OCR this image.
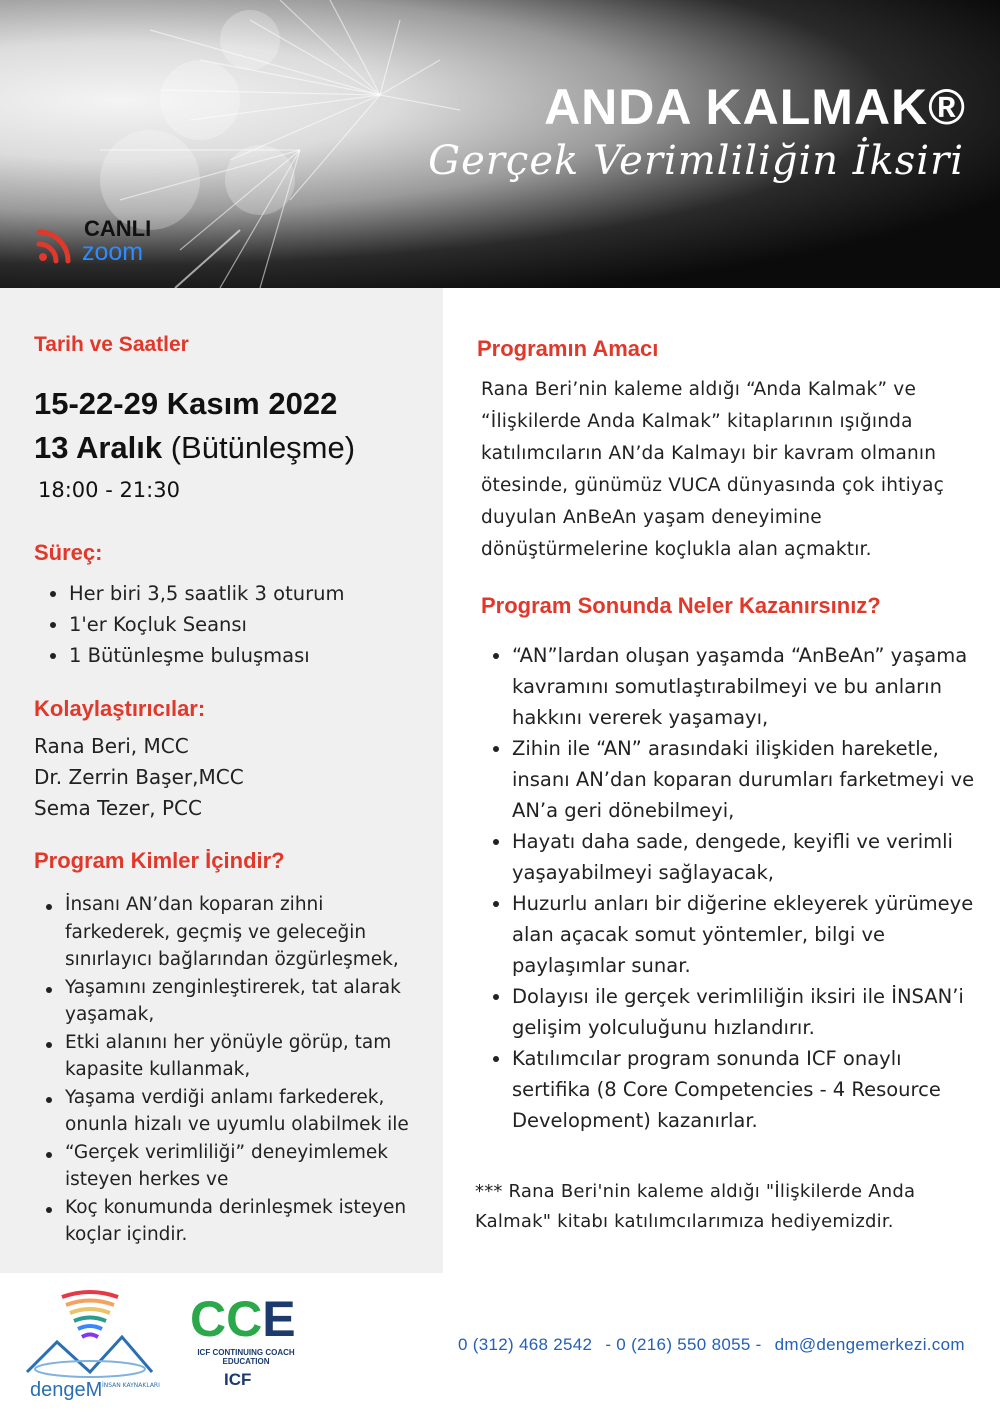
ANDA KALMAK®
Gerçek Verimliliğin İksiri
CANLI
zoom
Tarih ve Saatler
15-22-29 Kasım 2022
13 Aralık (Bütünleşme)
18:00 - 21:30
Süreç:
Her biri 3,5 saatlik 3 oturum
1'er Koçluk Seansı
1 Bütünleşme buluşması
Kolaylaştırıcılar:
Rana Beri, MCC
Dr. Zerrin Başer,MCC
Sema Tezer, PCC
Program Kimler İçindir?
İnsanı AN’dan koparan zihni farkederek, geçmiş ve geleceğin sınırlayıcı bağlarından özgürleşmek,
Yaşamını zenginleştirerek, tat alarak yaşamak,
Etki alanını her yönüyle görüp, tam kapasite kullanmak,
Yaşama verdiği anlamı farkederek, onunla hizalı ve uyumlu olabilmek ile
“Gerçek verimliliği” deneyimlemek isteyen herkes ve
Koç konumunda derinleşmek isteyen koçlar içindir.
Programın Amacı
Rana Beri’nin kaleme aldığı “Anda Kalmak” ve “İlişkilerde Anda Kalmak” kitaplarının ışığında katılımcıların AN’da Kalmayı bir kavram olmanın ötesinde, günümüz VUCA dünyasında çok ihtiyaç duyulan AnBeAn yaşam deneyimine dönüştürmelerine koçlukla alan açmaktır.
Program Sonunda Neler Kazanırsınız?
“AN”lardan oluşan yaşamda “AnBeAn” yaşama kavramını somutlaştırabilmeyi ve bu anların hakkını vererek yaşamayı,
Zihin ile “AN” arasındaki ilişkiden hareketle, insanı AN’dan koparan durumları farketmeyi ve AN’a geri dönebilmeyi,
Hayatı daha sade, dengede, keyifli ve verimli yaşayabilmeyi sağlayacak,
Huzurlu anları bir diğerine ekleyerek yürümeye alan açacak somut yöntemler, bilgi ve paylaşımlar sunar.
Dolayısı ile gerçek verimliliğin iksiri ile İNSAN’i gelişim yolculuğunu hızlandırır.
Katılımcılar program sonunda ICF onaylı sertifika (8 Core Competencies - 4 Resource Development) kazanırlar.
*** Rana Beri'nin kaleme aldığı "İlişkilerde Anda Kalmak" kitabı katılımcılarımıza hediyemizdir.
dengeM İNSAN KAYNAKLARI
CCE
ICF CONTINUING COACH EDUCATION
ICF
0 (312) 468 2542 - 0 (216) 550 8055 - dm@dengemerkezi.com
